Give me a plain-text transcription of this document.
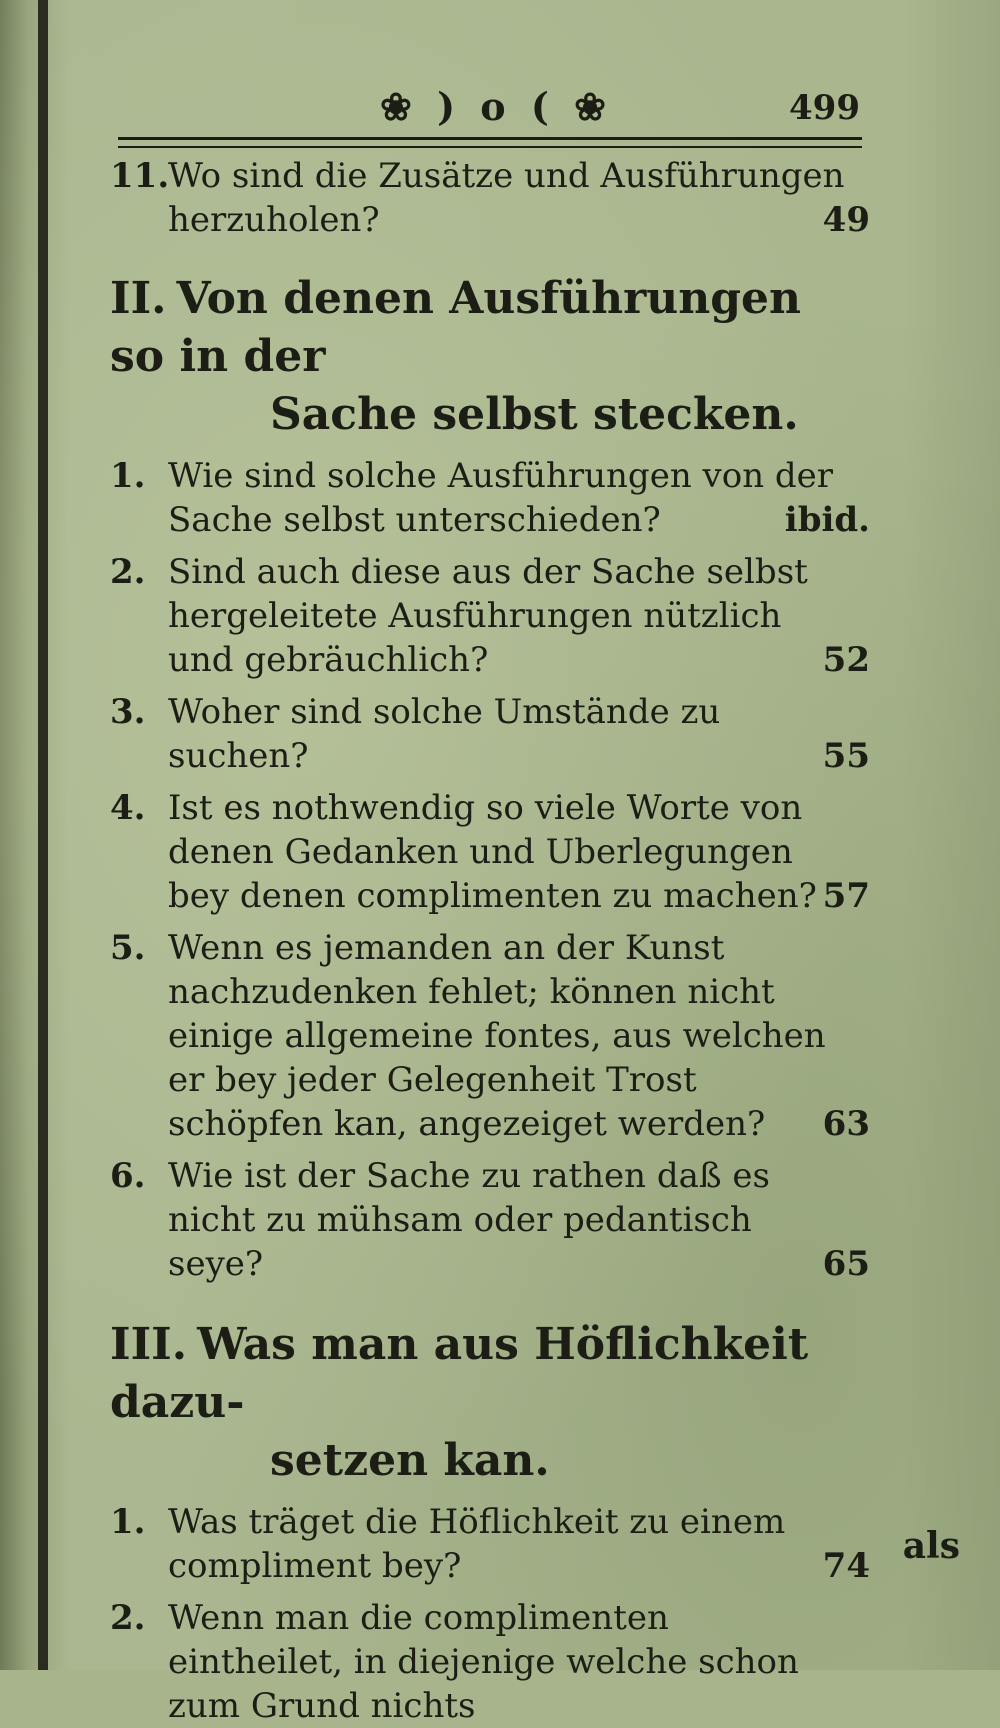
❀ ) o ( ❀	499
11.
Wo sind die Zusätze und Ausführungen herzuholen?	49
II. Von denen Ausführungen so in der
Sache selbst stecken.
1. Wie sind solche Ausführungen von der Sache selbst unterschieden?	ibid.
2. Sind auch diese aus der Sache selbst hergeleitete Ausführungen nützlich und gebräuchlich?	52
3. Woher sind solche Umstände zu suchen?	55
4. Ist es nothwendig so viele Worte von denen Gedanken und Uberlegungen bey denen complimenten zu machen? 57
5. Wenn es jemanden an der Kunst nachzudenken fehlet; können nicht einige allgemeine fontes, aus welchen er bey jeder Gelegenheit Trost schöpfen kan, angezeiget werden?	63
6. Wie ist der Sache zu rathen daß es nicht zu mühsam oder pedantisch seye?	65
III. Was man aus Höflichkeit dazu-
setzen kan.
1. Was träget die Höflichkeit zu einem compliment bey?	74
2. Wenn man die complimenten eintheilet, in diejenige welche schon zum Grund nichts
als
